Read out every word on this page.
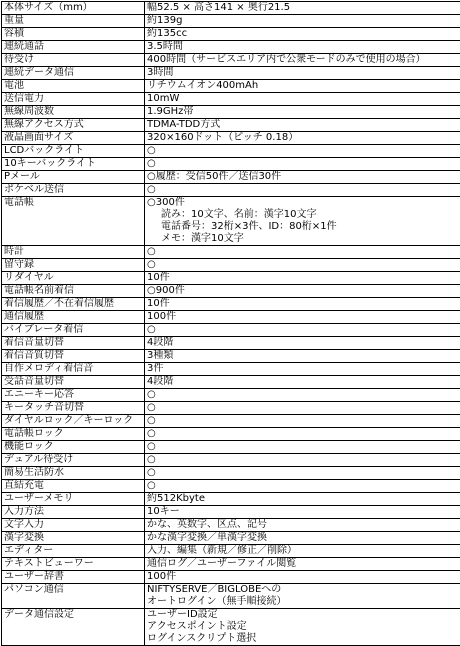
本体サイズ（mm）	幅52.5 × 高さ141 × 奥行21.5

重量	約139g

容積	約135cc

連続通話	3.5時間

待受け	400時間（サービスエリア内で公衆モードのみで使用の場合）

連続データ通信	3時間

電池	リチウムイオン400mAh

送信電力	10mW

無線周波数	1.9GHz帯

無線アクセス方式	TDMA-TDD方式

液晶画面サイズ	320×160ドット（ピッチ 0.18）

LCDバックライト	○

10キーバックライト	○

Pメール	○履歴：受信50件／送信30件

ポケベル送信	○

電話帳	○300件
読み：10文字、名前：漢字10文字
電話番号：32桁×3件、ID：80桁×1件
メモ：漢字10文字

時計	○

留守録	○

リダイヤル	10件

電話帳名前着信	○900件

着信履歴／不在着信履歴	10件

通信履歴	100件

バイブレータ着信	○

着信音量切替	4段階

着信音質切替	3種類

自作メロディ着信音	3件

受話音量切替	4段階

エニーキー応答	○

キータッチ音切替	○

ダイヤルロック／キーロック	○

電話帳ロック	○

機能ロック	○

デュアル待受け	○

簡易生活防水	○

直結充電	○

ユーザーメモリ	約512Kbyte

入力方法	10キー

文字入力	かな、英数字、区点、記号

漢字変換	かな漢字変換／単漢字変換

エディター	入力、編集（新規／修正／削除）

テキストビューワー	通信ログ／ユーザーファイル閲覧

ユーザー辞書	100件

パソコン通信	NIFTYSERVE／BIGLOBEへの
オートログイン（無手順接続）

データ通信設定	ユーザーID設定
アクセスポイント設定
ログインスクリプト選択
